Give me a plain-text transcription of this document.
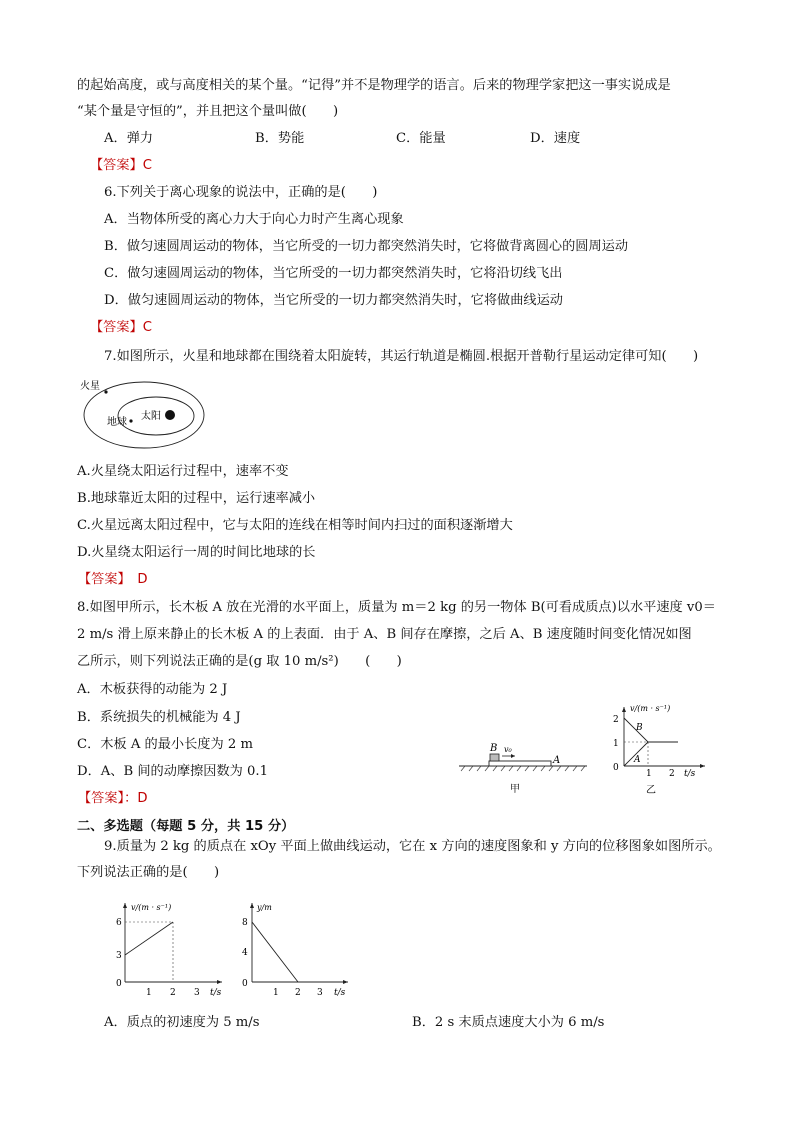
的起始高度，或与高度相关的某个量。“记得”并不是物理学的语言。后来的物理学家把这一事实说成是
“某个量是守恒的”，并且把这个量叫做(　　)
A．弹力	B．势能	C．能量	D．速度
【答案】C
6.下列关于离心现象的说法中，正确的是(　　)
A．当物体所受的离心力大于向心力时产生离心现象
B．做匀速圆周运动的物体，当它所受的一切力都突然消失时，它将做背离圆心的圆周运动
C．做匀速圆周运动的物体，当它所受的一切力都突然消失时，它将沿切线飞出
D．做匀速圆周运动的物体，当它所受的一切力都突然消失时，它将做曲线运动
【答案】C
7.如图所示，火星和地球都在围绕着太阳旋转，其运行轨道是椭圆.根据开普勒行星运动定律可知(　　)
火星
地球
太阳
A.火星绕太阳运行过程中，速率不变
B.地球靠近太阳的过程中，运行速率减小
C.火星远离太阳过程中，它与太阳的连线在相等时间内扫过的面积逐渐增大
D.火星绕太阳运行一周的时间比地球的长
【答案】　D
8.如图甲所示，长木板 A 放在光滑的水平面上，质量为 m＝2 kg 的另一物体 B(可看成质点)以水平速度 v0＝
2 m/s 滑上原来静止的长木板 A 的上表面．由于 A、B 间存在摩擦，之后 A、B 速度随时间变化情况如图
乙所示，则下列说法正确的是(g 取 10 m/s²)　　(　　)
A．木板获得的动能为 2 J
B．系统损失的机械能为 4 J
C．木板 A 的最小长度为 2 m
D．A、B 间的动摩擦因数为 0.1
【答案】：D
B v₀
A
甲
v/(m · s⁻¹)
2
1
0
1 2 t/s
B
A
乙
二、多选题（每题 5 分，共 15 分）
9.质量为 2 kg 的质点在 xOy 平面上做曲线运动，它在 x 方向的速度图象和 y 方向的位移图象如图所示。
下列说法正确的是(　　)
v/(m · s⁻¹)
6
3
0
1 2 3 t/s
y/m
8
4
0
1 2 3 t/s
A．质点的初速度为 5 m/s	B．2 s 末质点速度大小为 6 m/s
